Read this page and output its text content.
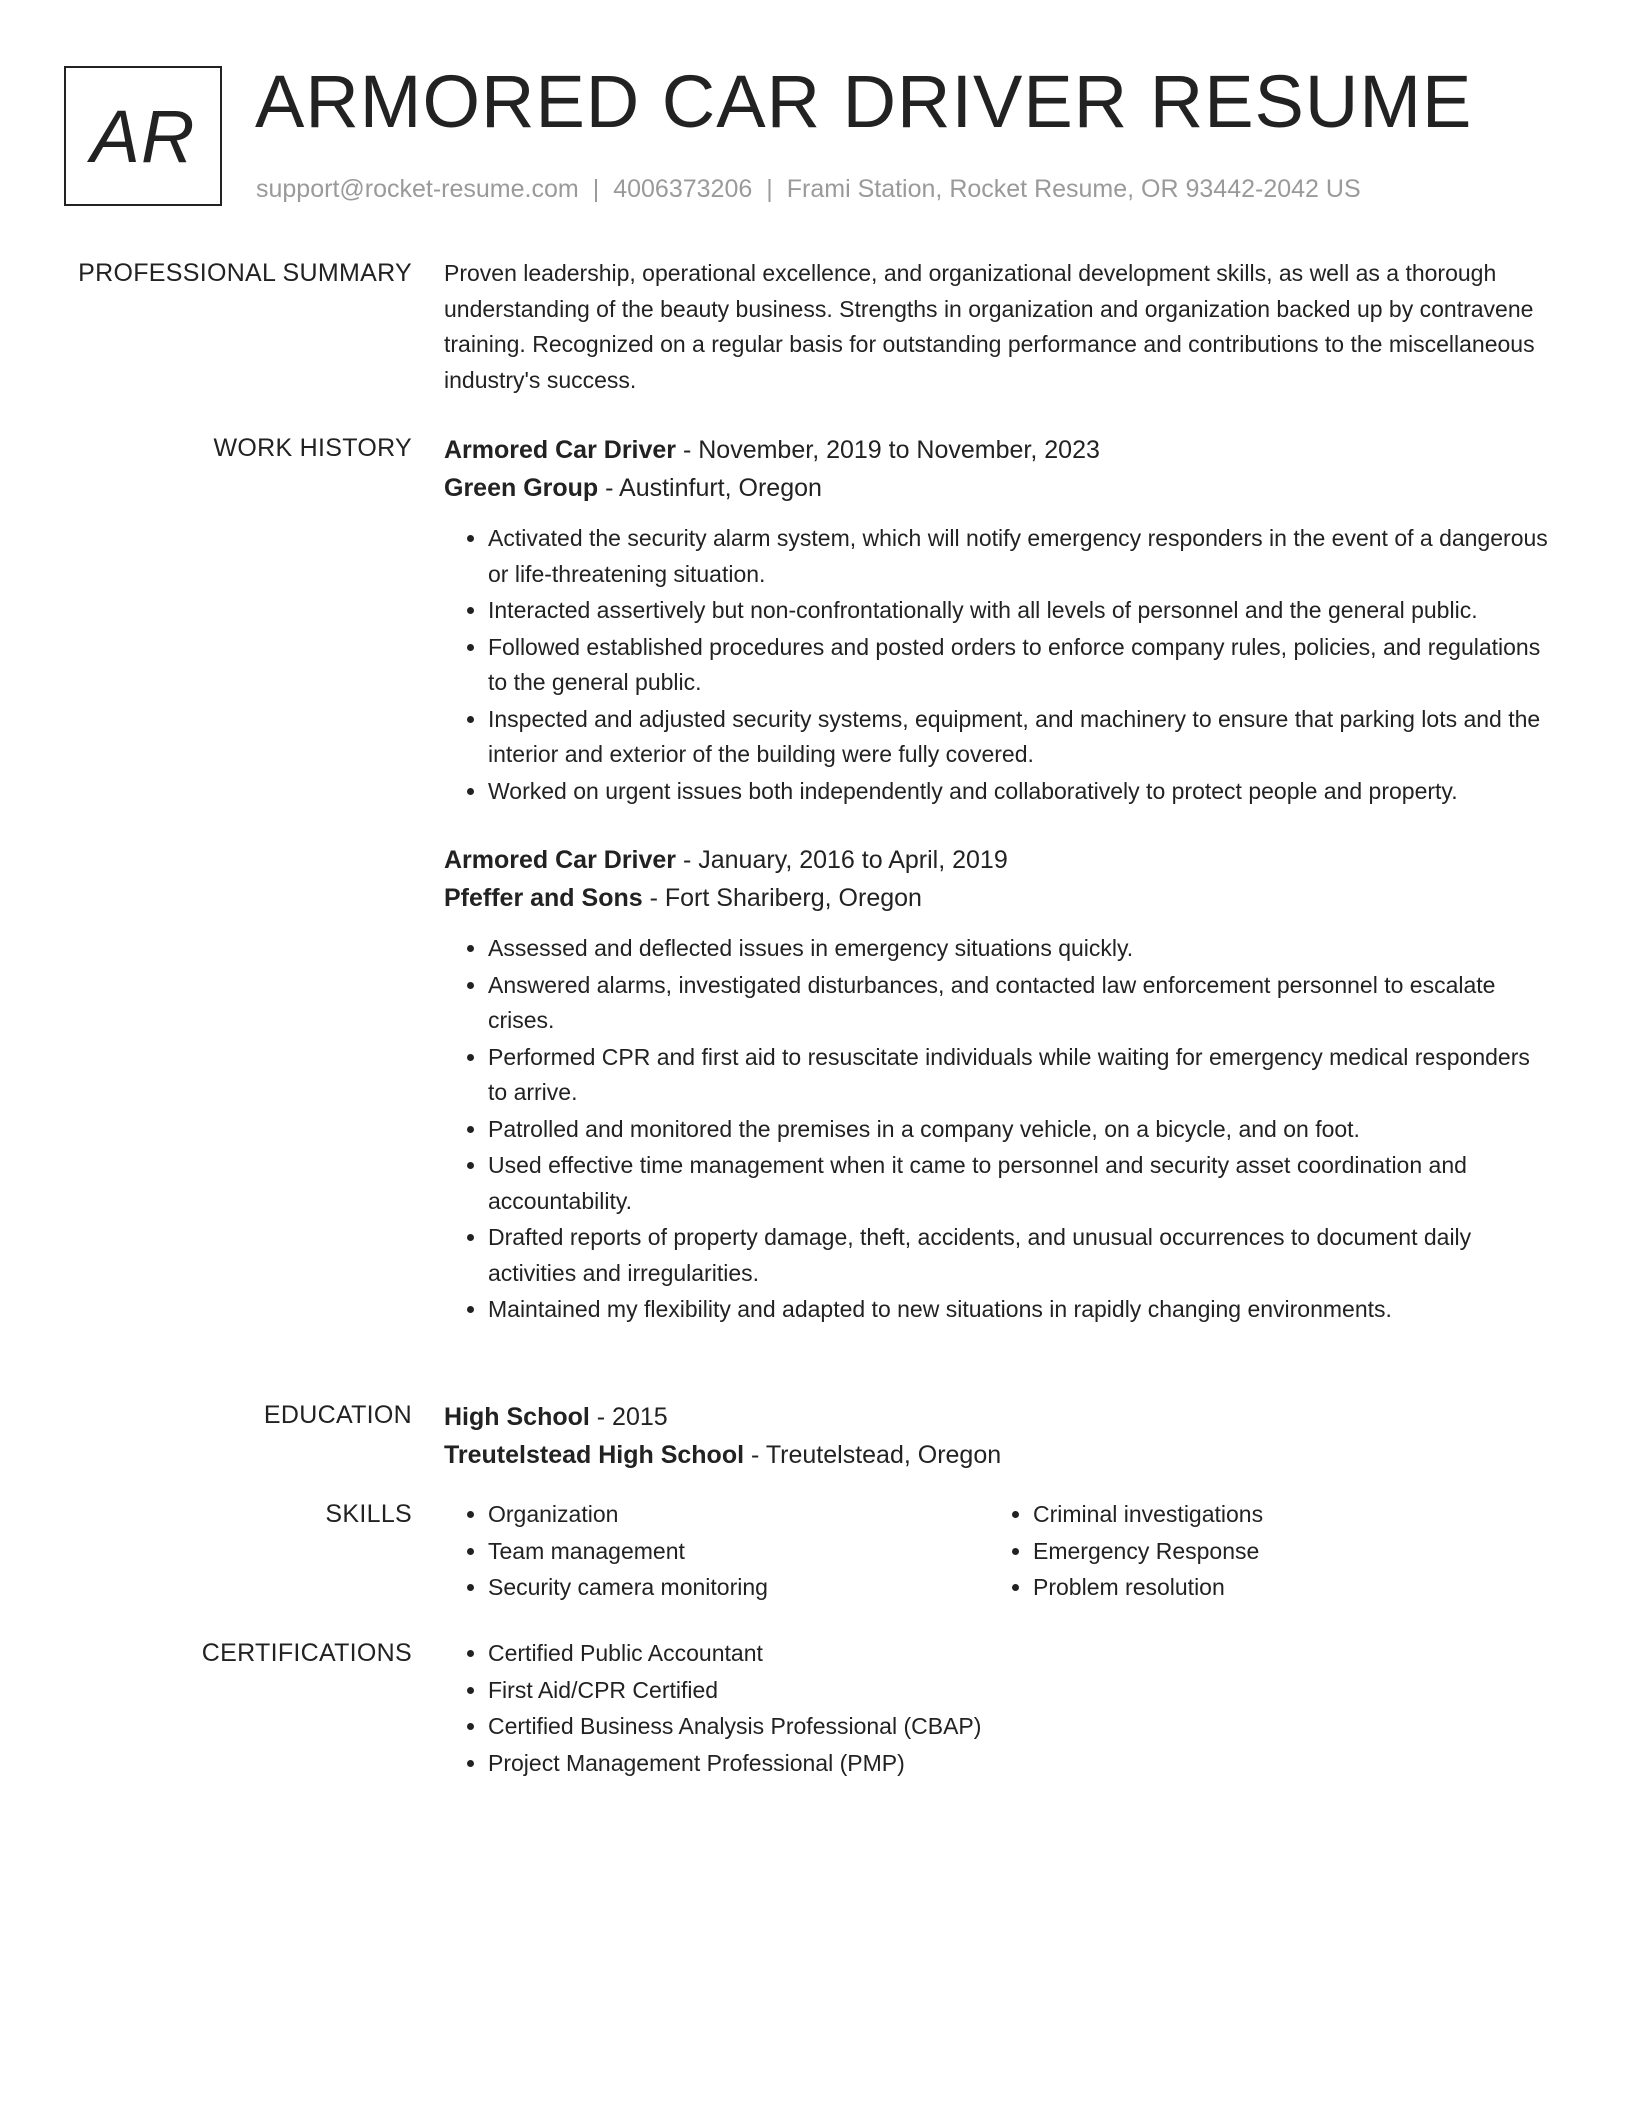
AR ARMORED CAR DRIVER RESUME
support@rocket-resume.com | 4006373206 | Frami Station, Rocket Resume, OR 93442-2042 US
PROFESSIONAL SUMMARY Proven leadership, operational excellence, and organizational development skills, as well as a thorough understanding of the beauty business. Strengths in organization and organization backed up by contravene training. Recognized on a regular basis for outstanding performance and contributions to the miscellaneous industry's success.
WORK HISTORY Armored Car Driver - November, 2019 to November, 2023
Green Group - Austinfurt, Oregon
• Activated the security alarm system, which will notify emergency responders in the event of a dangerous or life-threatening situation.
• Interacted assertively but non-confrontationally with all levels of personnel and the general public.
• Followed established procedures and posted orders to enforce company rules, policies, and regulations to the general public.
• Inspected and adjusted security systems, equipment, and machinery to ensure that parking lots and the interior and exterior of the building were fully covered.
• Worked on urgent issues both independently and collaboratively to protect people and property.
Armored Car Driver - January, 2016 to April, 2019
Pfeffer and Sons - Fort Shariberg, Oregon
• Assessed and deflected issues in emergency situations quickly.
• Answered alarms, investigated disturbances, and contacted law enforcement personnel to escalate crises.
• Performed CPR and first aid to resuscitate individuals while waiting for emergency medical responders to arrive.
• Patrolled and monitored the premises in a company vehicle, on a bicycle, and on foot.
• Used effective time management when it came to personnel and security asset coordination and accountability.
• Drafted reports of property damage, theft, accidents, and unusual occurrences to document daily activities and irregularities.
• Maintained my flexibility and adapted to new situations in rapidly changing environments.
EDUCATION High School - 2015
Treutelstead High School - Treutelstead, Oregon
SKILLS	• Organization
• Team management
• Security camera monitoring
• Criminal investigations
• Emergency Response
• Problem resolution
CERTIFICATIONS	• Certified Public Accountant
• First Aid/CPR Certified
• Certified Business Analysis Professional (CBAP)
• Project Management Professional (PMP)
